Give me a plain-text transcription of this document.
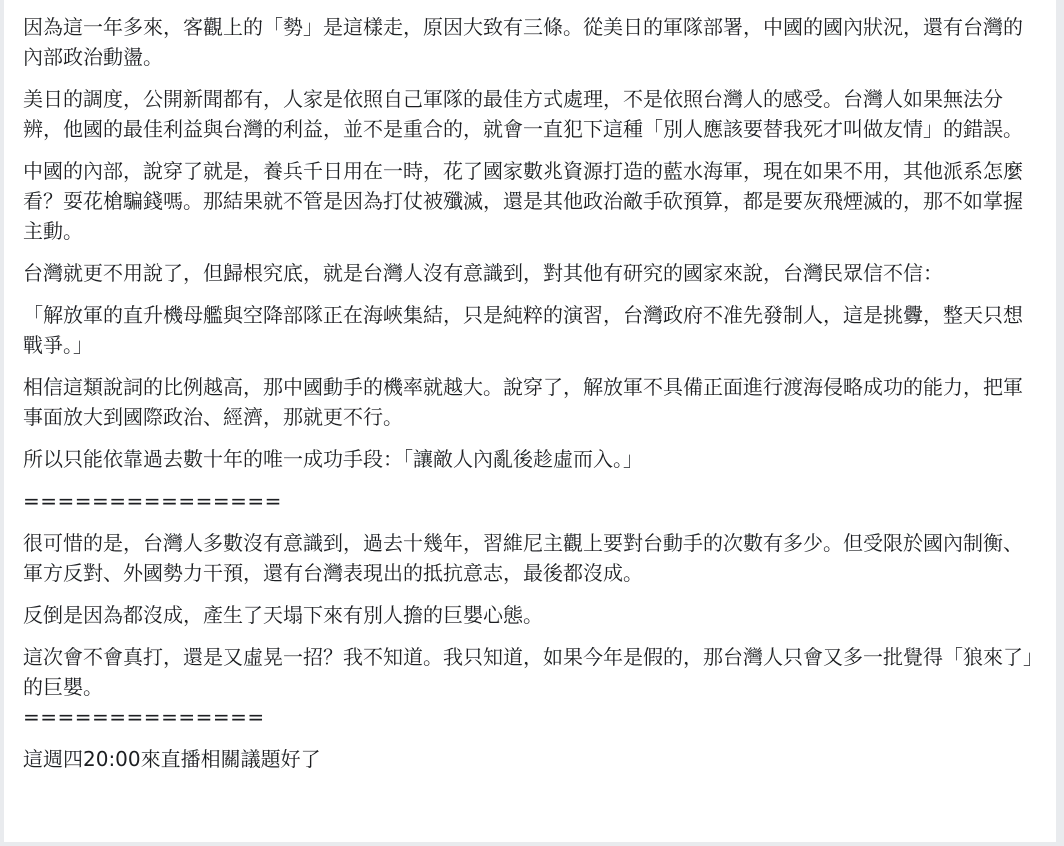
因為這一年多來，客觀上的「勢」是這樣走，原因大致有三條。從美日的軍隊部署，中國的國內狀況，還有台灣的內部政治動盪。

美日的調度，公開新聞都有，人家是依照自己軍隊的最佳方式處理，不是依照台灣人的感受。台灣人如果無法分辨，他國的最佳利益與台灣的利益，並不是重合的，就會一直犯下這種「別人應該要替我死才叫做友情」的錯誤。

中國的內部，說穿了就是，養兵千日用在一時，花了國家數兆資源打造的藍水海軍，現在如果不用，其他派系怎麼看？耍花槍騙錢嗎。那結果就不管是因為打仗被殲滅，還是其他政治敵手砍預算，都是要灰飛煙滅的，那不如掌握主動。

台灣就更不用說了，但歸根究底，就是台灣人沒有意識到，對其他有研究的國家來說，台灣民眾信不信：

「解放軍的直升機母艦與空降部隊正在海峽集結，只是純粹的演習，台灣政府不准先發制人，這是挑釁，整天只想戰爭。」

相信這類說詞的比例越高，那中國動手的機率就越大。說穿了，解放軍不具備正面進行渡海侵略成功的能力，把軍事面放大到國際政治、經濟，那就更不行。

所以只能依靠過去數十年的唯一成功手段：「讓敵人內亂後趁虛而入。」

===============

很可惜的是，台灣人多數沒有意識到，過去十幾年，習維尼主觀上要對台動手的次數有多少。但受限於國內制衡、軍方反對、外國勢力干預，還有台灣表現出的抵抗意志，最後都沒成。

反倒是因為都沒成，產生了天塌下來有別人擔的巨嬰心態。

這次會不會真打，還是又虛晃一招？我不知道。我只知道，如果今年是假的，那台灣人只會又多一批覺得「狼來了」的巨嬰。

==============

這週四20:00來直播相關議題好了
